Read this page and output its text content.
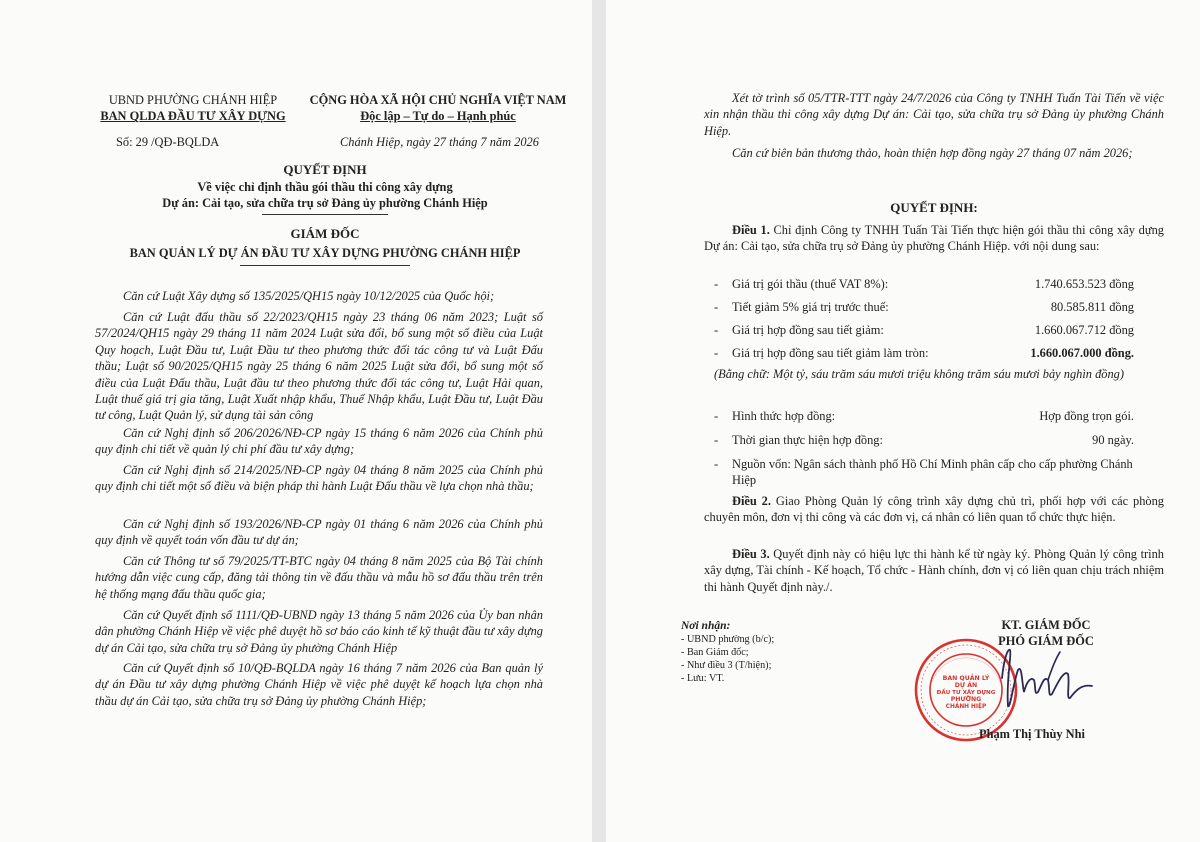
UBND PHƯỜNG CHÁNH HIỆP
BAN QLDA ĐẦU TƯ XÂY DỰNG
CỘNG HÒA XÃ HỘI CHỦ NGHĨA VIỆT NAM
Độc lập – Tự do – Hạnh phúc
Số: 29 /QĐ-BQLDA	Chánh Hiệp, ngày 27 tháng 7 năm 2026
QUYẾT ĐỊNH
Về việc chỉ định thầu gói thầu thi công xây dựng
Dự án: Cải tạo, sửa chữa trụ sở Đảng ủy phường Chánh Hiệp
GIÁM ĐỐC
BAN QUẢN LÝ DỰ ÁN ĐẦU TƯ XÂY DỰNG PHƯỜNG CHÁNH HIỆP
Căn cứ Luật Xây dựng số 135/2025/QH15 ngày 10/12/2025 của Quốc hội;
Căn cứ Luật đấu thầu số 22/2023/QH15 ngày 23 tháng 06 năm 2023; Luật số 57/2024/QH15 ngày 29 tháng 11 năm 2024 Luật sửa đổi, bổ sung một số điều của Luật Quy hoạch, Luật Đầu tư, Luật Đầu tư theo phương thức đối tác công tư và Luật Đấu thầu; Luật số 90/2025/QH15 ngày 25 tháng 6 năm 2025 Luật sửa đổi, bổ sung một số điều của Luật Đấu thầu, Luật đầu tư theo phương thức đối tác công tư, Luật Hải quan, Luật thuế giá trị gia tăng, Luật Xuất nhập khẩu, Thuế Nhập khẩu, Luật Đầu tư, Luật Đầu tư công, Luật Quản lý, sử dụng tài sản công
Căn cứ Nghị định số 206/2026/NĐ-CP ngày 15 tháng 6 năm 2026 của Chính phủ quy định chi tiết về quản lý chi phí đầu tư xây dựng;
Căn cứ Nghị định số 214/2025/NĐ-CP ngày 04 tháng 8 năm 2025 của Chính phủ quy định chi tiết một số điều và biện pháp thi hành Luật Đấu thầu về lựa chọn nhà thầu;
Căn cứ Nghị định số 193/2026/NĐ-CP ngày 01 tháng 6 năm 2026 của Chính phủ quy định về quyết toán vốn đầu tư dự án;
Căn cứ Thông tư số 79/2025/TT-BTC ngày 04 tháng 8 năm 2025 của Bộ Tài chính hướng dẫn việc cung cấp, đăng tải thông tin về đấu thầu và mẫu hồ sơ đấu thầu trên trên hệ thống mạng đấu thầu quốc gia;
Căn cứ Quyết định số 1111/QĐ-UBND ngày 13 tháng 5 năm 2026 của Ủy ban nhân dân phường Chánh Hiệp về việc phê duyệt hồ sơ báo cáo kinh tế kỹ thuật đầu tư xây dựng dự án Cải tạo, sửa chữa trụ sở Đảng ủy phường Chánh Hiệp
Căn cứ Quyết định số 10/QĐ-BQLDA ngày 16 tháng 7 năm 2026 của Ban quản lý dự án Đầu tư xây dựng phường Chánh Hiệp về việc phê duyệt kế hoạch lựa chọn nhà thầu dự án Cải tạo, sửa chữa trụ sở Đảng ủy phường Chánh Hiệp;
Xét tờ trình số 05/TTR-TTT ngày 24/7/2026 của Công ty TNHH Tuấn Tài Tiến về việc xin nhận thầu thi công xây dựng Dự án: Cải tạo, sửa chữa trụ sở Đảng ủy phường Chánh Hiệp.
Căn cứ biên bản thương thảo, hoàn thiện hợp đồng ngày 27 tháng 07 năm 2026;
QUYẾT ĐỊNH:
Điều 1. Chỉ định Công ty TNHH Tuấn Tài Tiến thực hiện gói thầu thi công xây dựng Dự án: Cải tạo, sửa chữa trụ sở Đảng ủy phường Chánh Hiệp. với nội dung sau:
-	Giá trị gói thầu (thuế VAT 8%):	1.740.653.523 đồng
-	Tiết giảm 5% giá trị trước thuế:	80.585.811 đồng
-	Giá trị hợp đồng sau tiết giảm:	1.660.067.712 đồng
-	Giá trị hợp đồng sau tiết giảm làm tròn:	1.660.067.000 đồng.
(Bằng chữ: Một tỷ, sáu trăm sáu mươi triệu không trăm sáu mươi bảy nghìn đồng)
-	Hình thức hợp đồng:	Hợp đồng trọn gói.
-	Thời gian thực hiện hợp đồng:	90 ngày.
-	Nguồn vốn: Ngân sách thành phố Hồ Chí Minh phân cấp cho cấp phường Chánh Hiệp
Điều 2. Giao Phòng Quản lý công trình xây dựng chủ trì, phối hợp với các phòng chuyên môn, đơn vị thi công và các đơn vị, cá nhân có liên quan tổ chức thực hiện.
Điều 3. Quyết định này có hiệu lực thi hành kể từ ngày ký. Phòng Quản lý công trình xây dựng, Tài chính - Kế hoạch, Tổ chức - Hành chính, đơn vị có liên quan chịu trách nhiệm thi hành Quyết định này./.
Nơi nhận:
- UBND phường (b/c);
- Ban Giám đốc;
- Như điều 3 (T/hiện);
- Lưu: VT.
KT. GIÁM ĐỐC
PHÓ GIÁM ĐỐC
BAN QUẢN LÝ
DỰ ÁN
ĐẦU TƯ XÂY DỰNG
PHƯỜNG
CHÁNH HIỆP
Phạm Thị Thùy Nhi
